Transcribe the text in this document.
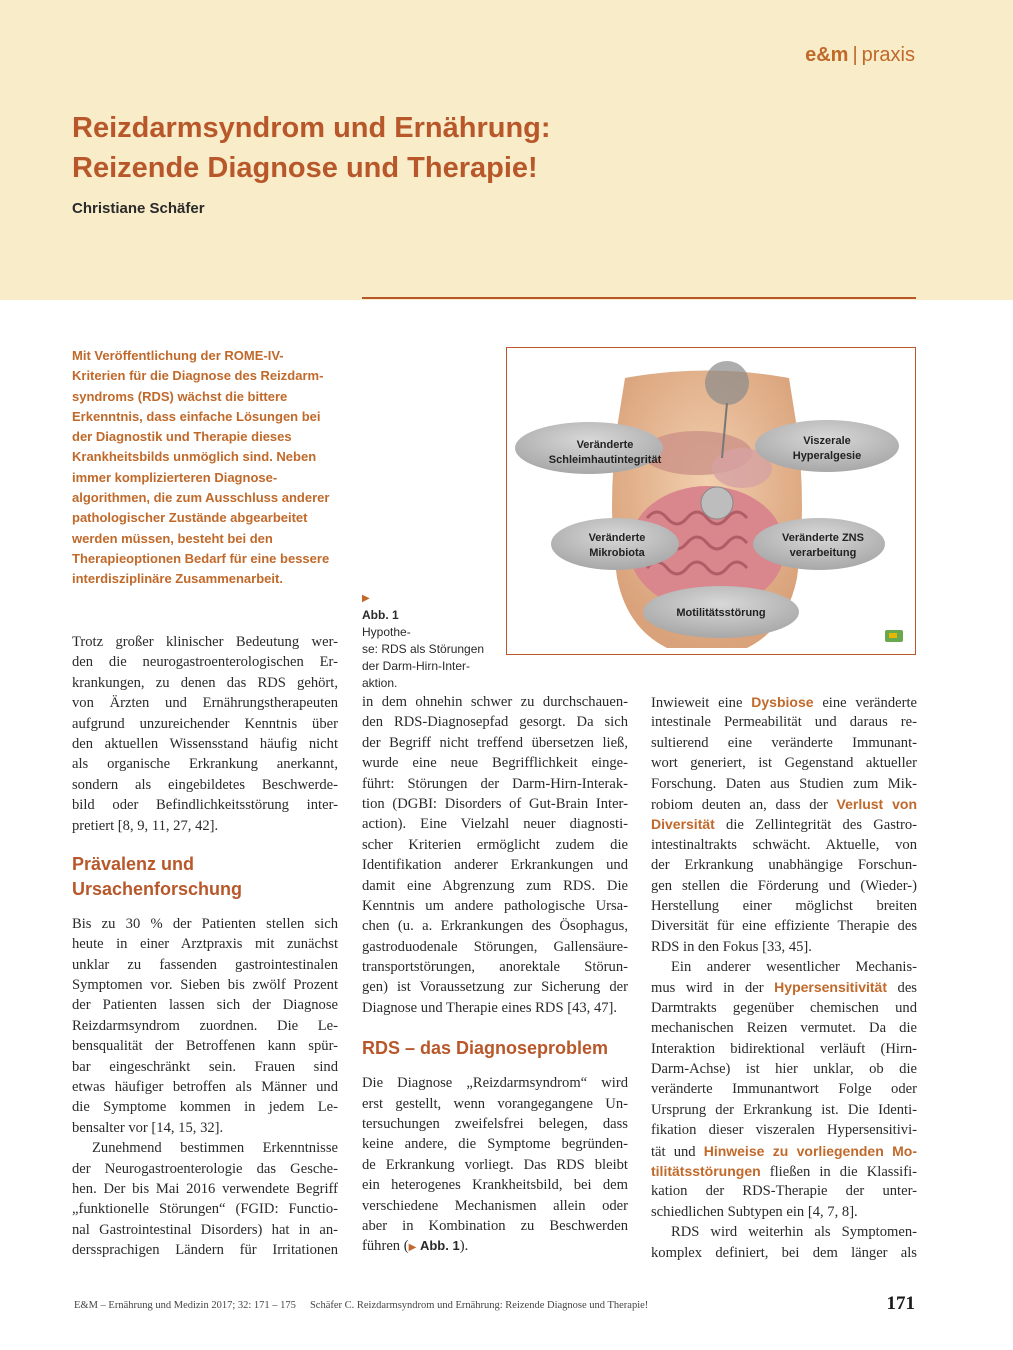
e&m | praxis
Reizdarmsyndrom und Ernährung:
Reizende Diagnose und Therapie!
Christiane Schäfer
Mit Veröffentlichung der ROME-IV-
Kriterien für die Diagnose des Reizdarm-
syndroms (RDS) wächst die bittere
Erkenntnis, dass einfache Lösungen bei
der Diagnostik und Therapie dieses
Krankheitsbilds unmöglich sind. Neben
immer komplizierteren Diagnose-
algorithmen, die zum Ausschluss anderer
pathologischer Zustände abgearbeitet
werden müssen, besteht bei den
Therapieoptionen Bedarf für eine bessere
interdisziplinäre Zusammenarbeit.
▶
Abb. 1
Hypothe-
se: RDS als Störungen
der Darm-Hirn-Inter-
aktion.
Veränderte
Schleimhautintegrität
Viszerale
Hyperalgesie
Veränderte
Mikrobiota
Veränderte ZNS
verarbeitung
Motilitätsstörung
Trotz großer klinischer Bedeutung wer-
den die neurogastroenterologischen Er-
krankungen, zu denen das RDS gehört,
von Ärzten und Ernährungstherapeuten
aufgrund unzureichender Kenntnis über
den aktuellen Wissensstand häufig nicht
als organische Erkrankung anerkannt,
sondern als eingebildetes Beschwerde-
bild oder Befindlichkeitsstörung inter-
pretiert [8, 9, 11, 27, 42].
Prävalenz und
Ursachenforschung
Bis zu 30 % der Patienten stellen sich
heute in einer Arztpraxis mit zunächst
unklar zu fassenden gastrointestinalen
Symptomen vor. Sieben bis zwölf Prozent
der Patienten lassen sich der Diagnose
Reizdarmsyndrom zuordnen. Die Le-
bensqualität der Betroffenen kann spür-
bar eingeschränkt sein. Frauen sind
etwas häufiger betroffen als Männer und
die Symptome kommen in jedem Le-
bensalter vor [14, 15, 32].
Zunehmend bestimmen Erkenntnisse
der Neurogastroenterologie das Gesche-
hen. Der bis Mai 2016 verwendete Begriff
„funktionelle Störungen“ (FGID: Functio-
nal Gastrointestinal Disorders) hat in an-
derssprachigen Ländern für Irritationen
in dem ohnehin schwer zu durchschauen-
den RDS-Diagnosepfad gesorgt. Da sich
der Begriff nicht treffend übersetzen ließ,
wurde eine neue Begrifflichkeit einge-
führt: Störungen der Darm-Hirn-Interak-
tion (DGBI: Disorders of Gut-Brain Inter-
action). Eine Vielzahl neuer diagnosti-
scher Kriterien ermöglicht zudem die
Identifikation anderer Erkrankungen und
damit eine Abgrenzung zum RDS. Die
Kenntnis um andere pathologische Ursa-
chen (u. a. Erkrankungen des Ösophagus,
gastroduodenale Störungen, Gallensäure-
transportstörungen, anorektale Störun-
gen) ist Voraussetzung zur Sicherung der
Diagnose und Therapie eines RDS [43, 47].
RDS – das Diagnoseproblem
Die Diagnose „Reizdarmsyndrom“ wird
erst gestellt, wenn vorangegangene Un-
tersuchungen zweifelsfrei belegen, dass
keine andere, die Symptome begründen-
de Erkrankung vorliegt. Das RDS bleibt
ein heterogenes Krankheitsbild, bei dem
verschiedene Mechanismen allein oder
aber in Kombination zu Beschwerden
führen (▶ Abb. 1).
Inwieweit eine Dysbiose eine veränderte
intestinale Permeabilität und daraus re-
sultierend eine veränderte Immunant-
wort generiert, ist Gegenstand aktueller
Forschung. Daten aus Studien zum Mik-
robiom deuten an, dass der Verlust von
Diversität die Zellintegrität des Gastro-
intestinaltrakts schwächt. Aktuelle, von
der Erkrankung unabhängige Forschun-
gen stellen die Förderung und (Wieder-)
Herstellung einer möglichst breiten
Diversität für eine effiziente Therapie des
RDS in den Fokus [33, 45].
Ein anderer wesentlicher Mechanis-
mus wird in der Hypersensitivität des
Darmtrakts gegenüber chemischen und
mechanischen Reizen vermutet. Da die
Interaktion bidirektional verläuft (Hirn-
Darm-Achse) ist hier unklar, ob die
veränderte Immunantwort Folge oder
Ursprung der Erkrankung ist. Die Identi-
fikation dieser viszeralen Hypersensitivi-
tät und Hinweise zu vorliegenden Mo-
tilitätsstörungen fließen in die Klassifi-
kation der RDS-Therapie der unter-
schiedlichen Subtypen ein [4, 7, 8].
RDS wird weiterhin als Symptomen-
komplex definiert, bei dem länger als
E&M – Ernährung und Medizin 2017; 32: 171 – 175 Schäfer C. Reizdarmsyndrom und Ernährung: Reizende Diagnose und Therapie!	171
